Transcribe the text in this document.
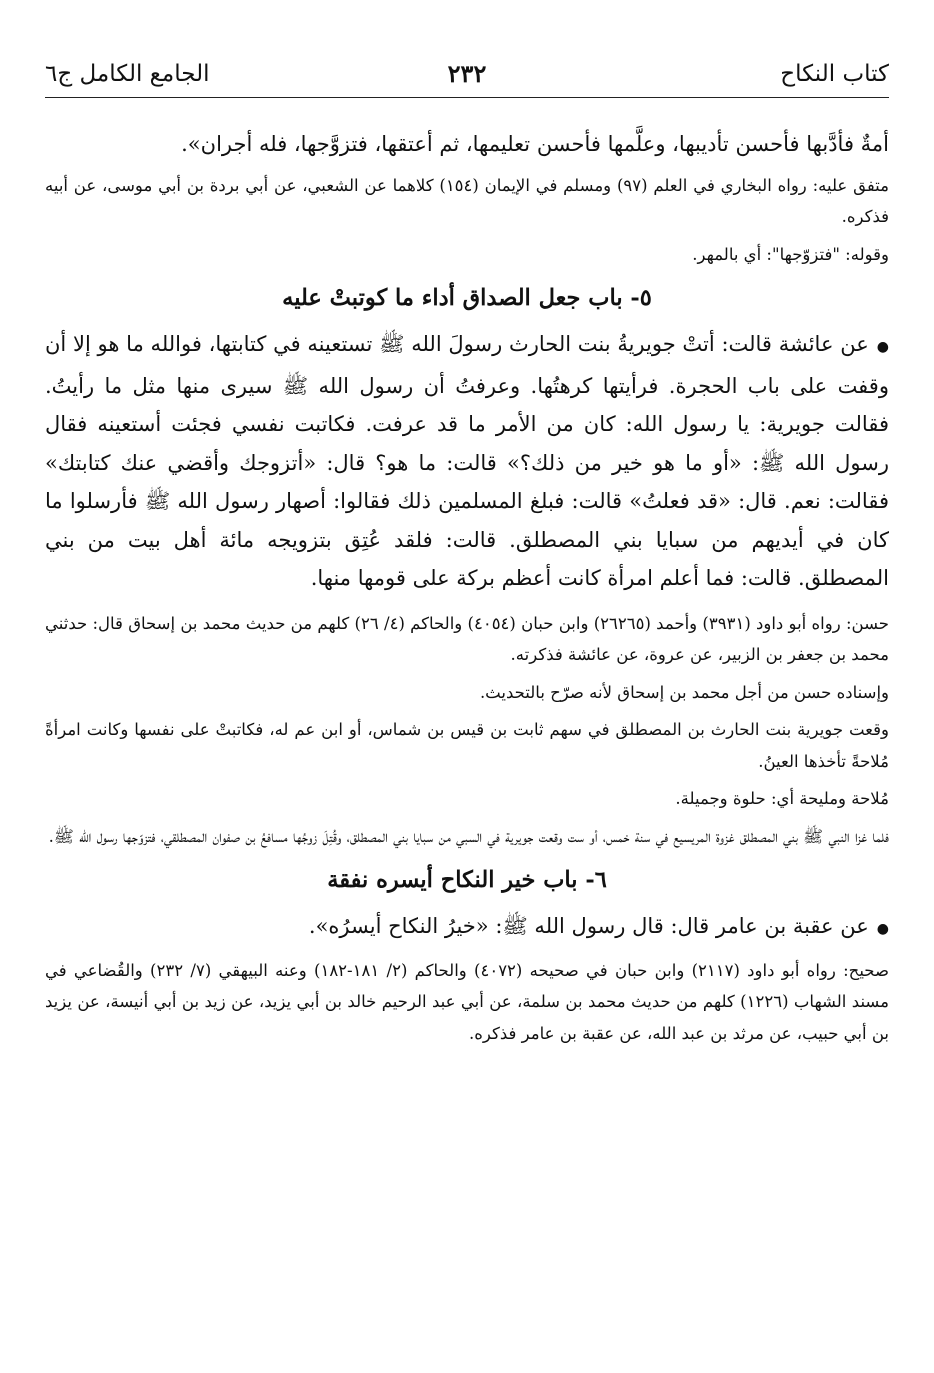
كتاب النكاح
٢٣٢
الجامع الكامل ج٦

أمةٌ فأدَّبها فأحسن تأديبها، وعلَّمها فأحسن تعليمها، ثم أعتقها، فتزوَّجها، فله أجران».

متفق عليه: رواه البخاري في العلم (٩٧) ومسلم في الإيمان (١٥٤) كلاهما عن الشعبي، عن أبي بردة بن أبي موسى، عن أبيه فذكره.

وقوله: "فتزوّجها": أي بالمهر.

٥- باب جعل الصداق أداء ما كوتبتْ عليه

● عن عائشة قالت: أتتْ جويريةُ بنت الحارث رسولَ الله ﷺ تستعينه في كتابتها، فوالله ما هو إلا أن وقفت على باب الحجرة. فرأيتها كرهتُها. وعرفتُ أن رسول الله ﷺ سيرى منها مثل ما رأيتُ. فقالت جويرية: يا رسول الله: كان من الأمر ما قد عرفت. فكاتبت نفسي فجئت أستعينه فقال رسول الله ﷺ: «أو ما هو خير من ذلك؟» قالت: ما هو؟ قال: «أتزوجك وأقضي عنك كتابتك» فقالت: نعم. قال: «قد فعلتُ» قالت: فبلغ المسلمين ذلك فقالوا: أصهار رسول الله ﷺ فأرسلوا ما كان في أيديهم من سبايا بني المصطلق. قالت: فلقد عُتِق بتزويجه مائة أهل بيت من بني المصطلق. قالت: فما أعلم امرأة كانت أعظم بركة على قومها منها.

حسن: رواه أبو داود (٣٩٣١) وأحمد (٢٦٢٦٥) وابن حبان (٤٠٥٤) والحاكم (٤/ ٢٦) كلهم من حديث محمد بن إسحاق قال: حدثني محمد بن جعفر بن الزبير، عن عروة، عن عائشة فذكرته.

وإسناده حسن من أجل محمد بن إسحاق لأنه صرّح بالتحديث.

وقعت جويرية بنت الحارث بن المصطلق في سهم ثابت بن قيس بن شماس، أو ابن عم له، فكاتبتْ على نفسها وكانت امرأةً مُلاحةً تأخذها العينُ.

مُلاحة ومليحة أي: حلوة وجميلة.

فلما غزا النبي ﷺ بني المصطلق غزوة المريسيع في سنة خمس، أو ست وقعت جويرية في السبي من سبايا بني المصطلق، وقُتِلَ زوجُها مسافعُ بن صفوان المصطلقي، فتزوّجها رسول الله ﷺ.

٦- باب خير النكاح أيسره نفقة

● عن عقبة بن عامر قال: قال رسول الله ﷺ: «خيرُ النكاح أيسرُه».

صحيح: رواه أبو داود (٢١١٧) وابن حبان في صحيحه (٤٠٧٢) والحاكم (٢/ ١٨١-١٨٢) وعنه البيهقي (٧/ ٢٣٢) والقُضاعي في مسند الشهاب (١٢٢٦) كلهم من حديث محمد بن سلمة، عن أبي عبد الرحيم خالد بن أبي يزيد، عن زيد بن أبي أنيسة، عن يزيد بن أبي حبيب، عن مرثد بن عبد الله، عن عقبة بن عامر فذكره.
